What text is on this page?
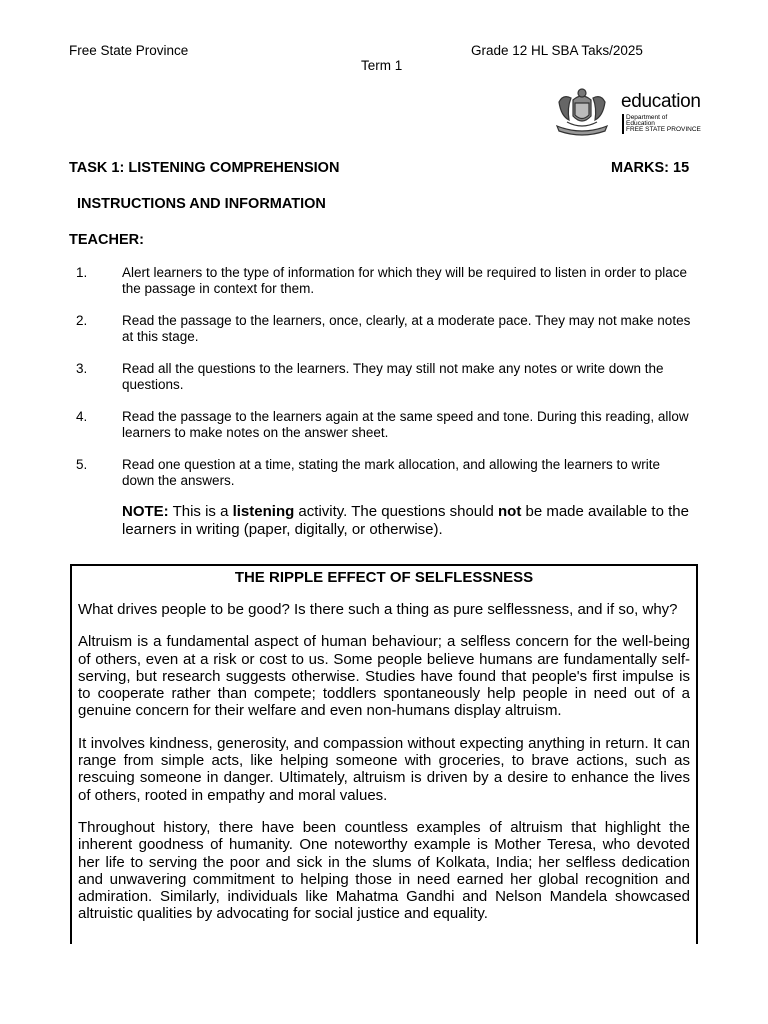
Free State Province	Grade 12 HL SBA Taks/2025
Term 1
education
Department of
Education
FREE STATE PROVINCE
TASK 1: LISTENING COMPREHENSION	MARKS: 15
INSTRUCTIONS AND INFORMATION
TEACHER:
1.	Alert learners to the type of information for which they will be required to listen in order to place the passage in context for them.
2.	Read the passage to the learners, once, clearly, at a moderate pace. They may not make notes at this stage.
3.	Read all the questions to the learners. They may still not make any notes or write down the questions.
4.	Read the passage to the learners again at the same speed and tone. During this reading, allow learners to make notes on the answer sheet.
5.	Read one question at a time, stating the mark allocation, and allowing the learners to write down the answers.
NOTE: This is a listening activity. The questions should not be made available to the learners in writing (paper, digitally, or otherwise).
THE RIPPLE EFFECT OF SELFLESSNESS
What drives people to be good? Is there such a thing as pure selflessness, and if so, why?
Altruism is a fundamental aspect of human behaviour; a selfless concern for the well-being of others, even at a risk or cost to us. Some people believe humans are fundamentally self-serving, but research suggests otherwise. Studies have found that people's first impulse is to cooperate rather than compete; toddlers spontaneously help people in need out of a genuine concern for their welfare and even non-humans display altruism.
It involves kindness, generosity, and compassion without expecting anything in return. It can range from simple acts, like helping someone with groceries, to brave actions, such as rescuing someone in danger. Ultimately, altruism is driven by a desire to enhance the lives of others, rooted in empathy and moral values.
Throughout history, there have been countless examples of altruism that highlight the inherent goodness of humanity. One noteworthy example is Mother Teresa, who devoted her life to serving the poor and sick in the slums of Kolkata, India; her selfless dedication and unwavering commitment to helping those in need earned her global recognition and admiration. Similarly, individuals like Mahatma Gandhi and Nelson Mandela showcased altruistic qualities by advocating for social justice and equality.
